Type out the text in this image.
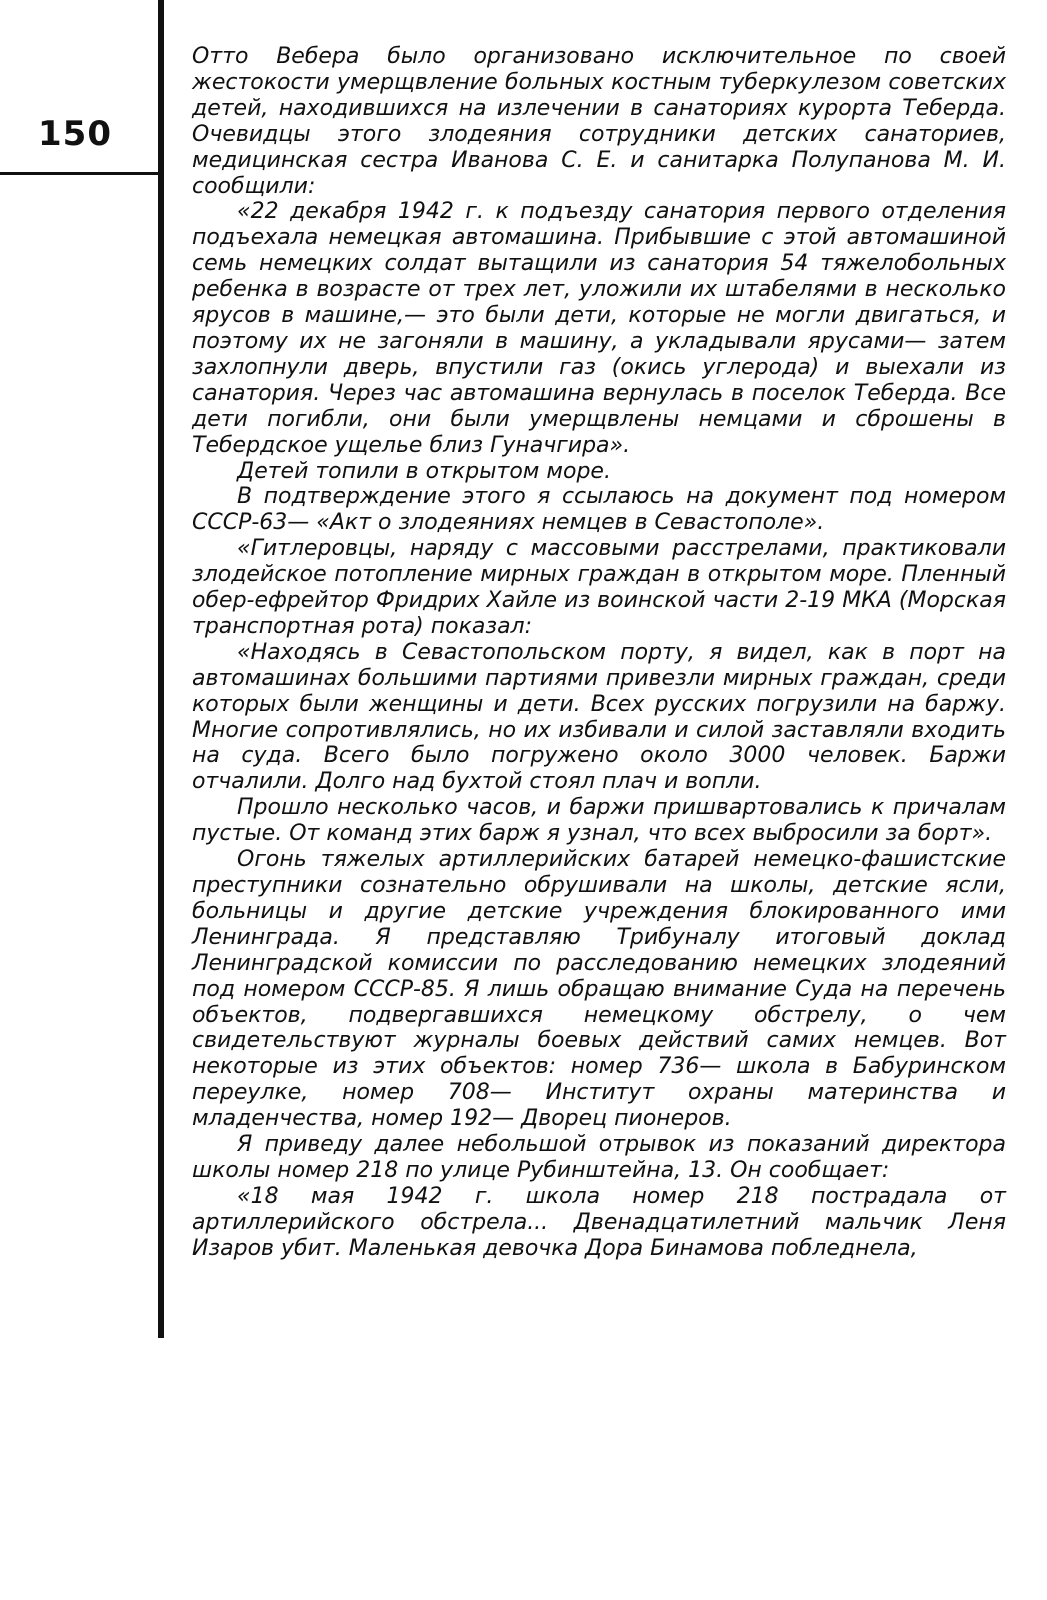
150

Отто Вебера было организовано исключительное по своей жестокости умерщвление больных костным туберкулезом советских детей, находившихся на излечении в санаториях курорта Теберда. Очевидцы этого злодеяния сотрудники детских санаториев, медицинская сестра Иванова С. Е. и санитарка Полупанова М. И. сообщили:

«22 декабря 1942 г. к подъезду санатория первого отделения подъехала немецкая автомашина. Прибывшие с этой автомашиной семь немецких солдат вытащили из санатория 54 тяжелобольных ребенка в возрасте от трех лет, уложили их штабелями в несколько ярусов в машине,— это были дети, которые не могли двигаться, и поэтому их не загоняли в машину, а укладывали ярусами— затем захлопнули дверь, впустили газ (окись углерода) и выехали из санатория. Через час автомашина вернулась в поселок Теберда. Все дети погибли, они были умерщвлены немцами и сброшены в Тебердское ущелье близ Гуначгира».

Детей топили в открытом море.

В подтверждение этого я ссылаюсь на документ под номером СССР-63— «Акт о злодеяниях немцев в Севастополе».

«Гитлеровцы, наряду с массовыми расстрелами, практиковали злодейское потопление мирных граждан в открытом море. Пленный обер-ефрейтор Фридрих Хайле из воинской части 2-19 МКА (Морская транспортная рота) показал:

«Находясь в Севастопольском порту, я видел, как в порт на автомашинах большими партиями привезли мирных граждан, среди которых были женщины и дети. Всех русских погрузили на баржу. Многие сопротивлялись, но их избивали и силой заставляли входить на суда. Всего было погружено около 3000 человек. Баржи отчалили. Долго над бухтой стоял плач и вопли.

Прошло несколько часов, и баржи пришвартовались к причалам пустые. От команд этих барж я узнал, что всех выбросили за борт».

Огонь тяжелых артиллерийских батарей немецко-фашистские преступники сознательно обрушивали на школы, детские ясли, больницы и другие детские учреждения блокированного ими Ленинграда. Я представляю Трибуналу итоговый доклад Ленинградской комиссии по расследованию немецких злодеяний под номером СССР-85. Я лишь обращаю внимание Суда на перечень объектов, подвергавшихся немецкому обстрелу, о чем свидетельствуют журналы боевых действий самих немцев. Вот некоторые из этих объектов: номер 736— школа в Бабуринском переулке, номер 708— Институт охраны материнства и младенчества, номер 192— Дворец пионеров.

Я приведу далее небольшой отрывок из показаний директора школы номер 218 по улице Рубинштейна, 13. Он сообщает:

«18 мая 1942 г. школа номер 218 пострадала от артиллерийского обстрела... Двенадцатилетний мальчик Леня Изаров убит. Маленькая девочка Дора Бинамова побледнела,
